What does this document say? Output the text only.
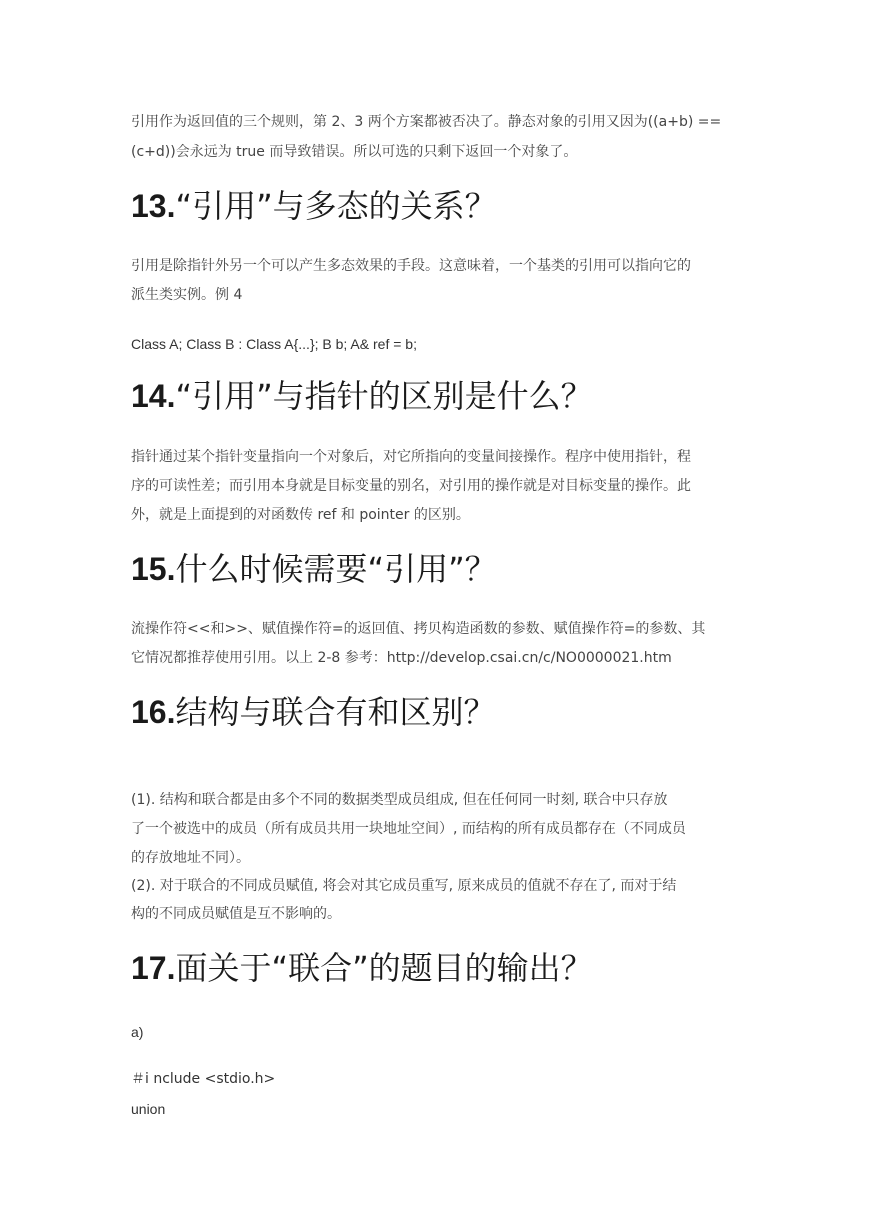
引用作为返回值的三个规则，第 2、3 两个方案都被否决了。静态对象的引用又因为((a+b) ==

(c+d))会永远为 true 而导致错误。所以可选的只剩下返回一个对象了。

13.“引用”与多态的关系？

引用是除指针外另一个可以产生多态效果的手段。这意味着，一个基类的引用可以指向它的

派生类实例。例 4

Class A; Class B : Class A{...}; B b; A& ref = b;

14.“引用”与指针的区别是什么？

指针通过某个指针变量指向一个对象后，对它所指向的变量间接操作。程序中使用指针，程

序的可读性差；而引用本身就是目标变量的别名，对引用的操作就是对目标变量的操作。此

外，就是上面提到的对函数传 ref 和 pointer 的区别。

15.什么时候需要“引用”？

流操作符<<和>>、赋值操作符=的返回值、拷贝构造函数的参数、赋值操作符=的参数、其

它情况都推荐使用引用。以上 2-8 参考：http://develop.csai.cn/c/NO0000021.htm

16.结构与联合有和区别？

(1). 结构和联合都是由多个不同的数据类型成员组成, 但在任何同一时刻, 联合中只存放

了一个被选中的成员（所有成员共用一块地址空间）, 而结构的所有成员都存在（不同成员

的存放地址不同）。

(2). 对于联合的不同成员赋值, 将会对其它成员重写, 原来成员的值就不存在了, 而对于结

构的不同成员赋值是互不影响的。

17.面关于“联合”的题目的输出？

a)

＃i nclude <stdio.h>

union
